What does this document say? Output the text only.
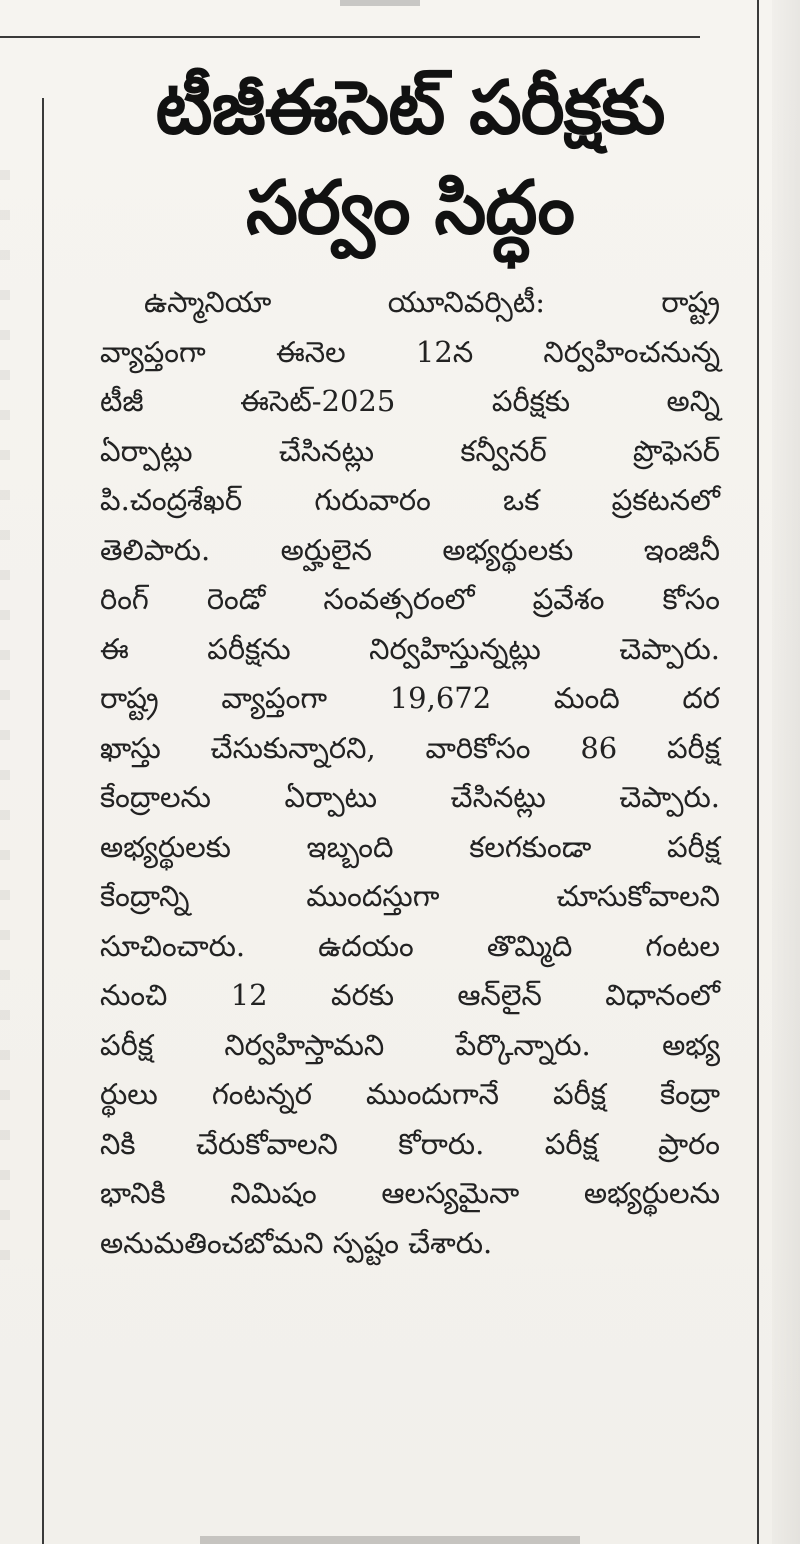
టీజీఈసెట్ పరీక్షకు
సర్వం సిద్ధం
ఉస్మానియా యూనివర్సిటీ: రాష్ట్ర
వ్యాప్తంగా ఈనెల 12న నిర్వహించనున్న
టీజీ ఈసెట్-2025 పరీక్షకు అన్ని
ఏర్పాట్లు చేసినట్లు కన్వీనర్ ప్రొఫెసర్
పి.చంద్రశేఖర్ గురువారం ఒక ప్రకటనలో
తెలిపారు. అర్హులైన అభ్యర్థులకు ఇంజినీ
రింగ్ రెండో సంవత్సరంలో ప్రవేశం కోసం
ఈ పరీక్షను నిర్వహిస్తున్నట్లు చెప్పారు.
రాష్ట్ర వ్యాప్తంగా 19,672 మంది దర
ఖాస్తు చేసుకున్నారని, వారికోసం 86 పరీక్ష
కేంద్రాలను ఏర్పాటు చేసినట్లు చెప్పారు.
అభ్యర్థులకు ఇబ్బంది కలగకుండా పరీక్ష
కేంద్రాన్ని ముందస్తుగా చూసుకోవాలని
సూచించారు. ఉదయం తొమ్మిది గంటల
నుంచి 12 వరకు ఆన్‌లైన్ విధానంలో
పరీక్ష నిర్వహిస్తామని పేర్కొన్నారు. అభ్య
ర్థులు గంటన్నర ముందుగానే పరీక్ష కేంద్రా
నికి చేరుకోవాలని కోరారు. పరీక్ష ప్రారం
భానికి నిమిషం ఆలస్యమైనా అభ్యర్థులను
అనుమతించబోమని స్పష్టం చేశారు.
